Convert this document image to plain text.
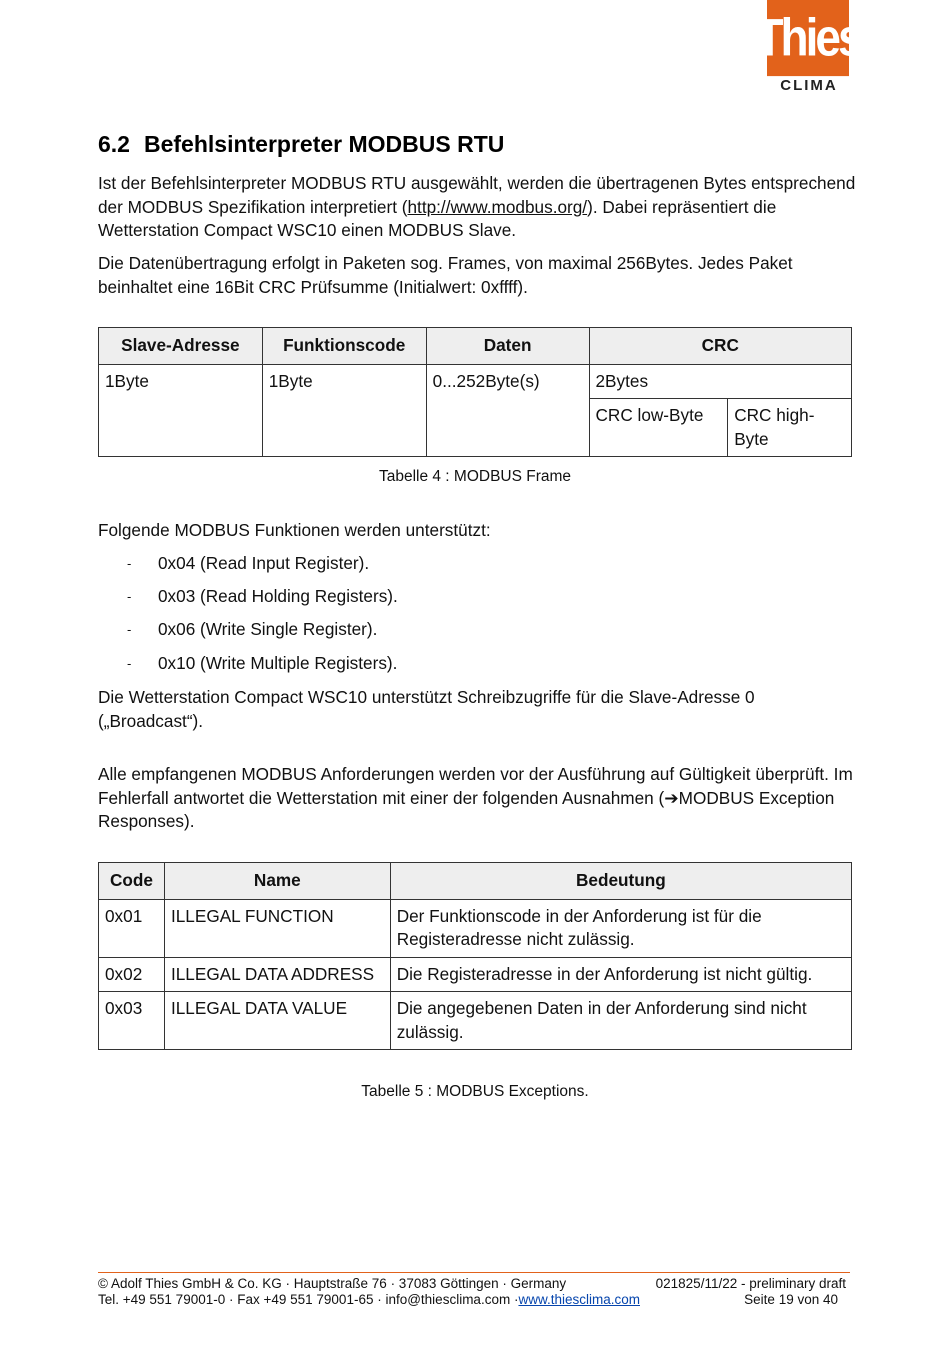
Thies
CLIMA
6.2 Befehlsinterpreter MODBUS RTU

Ist der Befehlsinterpreter MODBUS RTU ausgewählt, werden die übertragenen Bytes entsprechend der MODBUS Spezifikation interpretiert (http://www.modbus.org/). Dabei repräsentiert die Wetterstation Compact WSC10 einen MODBUS Slave.

Die Datenübertragung erfolgt in Paketen sog. Frames, von maximal 256Bytes. Jedes Paket beinhaltet eine 16Bit CRC Prüfsumme (Initialwert: 0xffff).

Slave-Adresse	Funktionscode	Daten	CRC	
1Byte	1Byte	0...252Byte(s)	2Bytes	
			CRC low-Byte	CRC high-Byte
Tabelle 4 : MODBUS Frame

Folgende MODBUS Funktionen werden unterstützt:

-	0x04 (Read Input Register).
-	0x03 (Read Holding Registers).
-	0x06 (Write Single Register).
-	0x10 (Write Multiple Registers).

Die Wetterstation Compact WSC10 unterstützt Schreibzugriffe für die Slave-Adresse 0 („Broadcast“).

Alle empfangenen MODBUS Anforderungen werden vor der Ausführung auf Gültigkeit überprüft. Im Fehlerfall antwortet die Wetterstation mit einer der folgenden Ausnahmen (➔MODBUS Exception Responses).

Code	Name	Bedeutung
0x01	ILLEGAL FUNCTION	Der Funktionscode in der Anforderung ist für die Registeradresse nicht zulässig.
0x02	ILLEGAL DATA ADDRESS	Die Registeradresse in der Anforderung ist nicht gültig.
0x03	ILLEGAL DATA VALUE	Die angegebenen Daten in der Anforderung sind nicht zulässig.
Tabelle 5 : MODBUS Exceptions.
© Adolf Thies GmbH & Co. KG · Hauptstraße 76 · 37083 Göttingen · Germany
Tel. +49 551 79001-0 · Fax +49 551 79001-65 · info@thiesclima.com ·www.thiesclima.com
021825/11/22 - preliminary draft
Seite 19 von 40
